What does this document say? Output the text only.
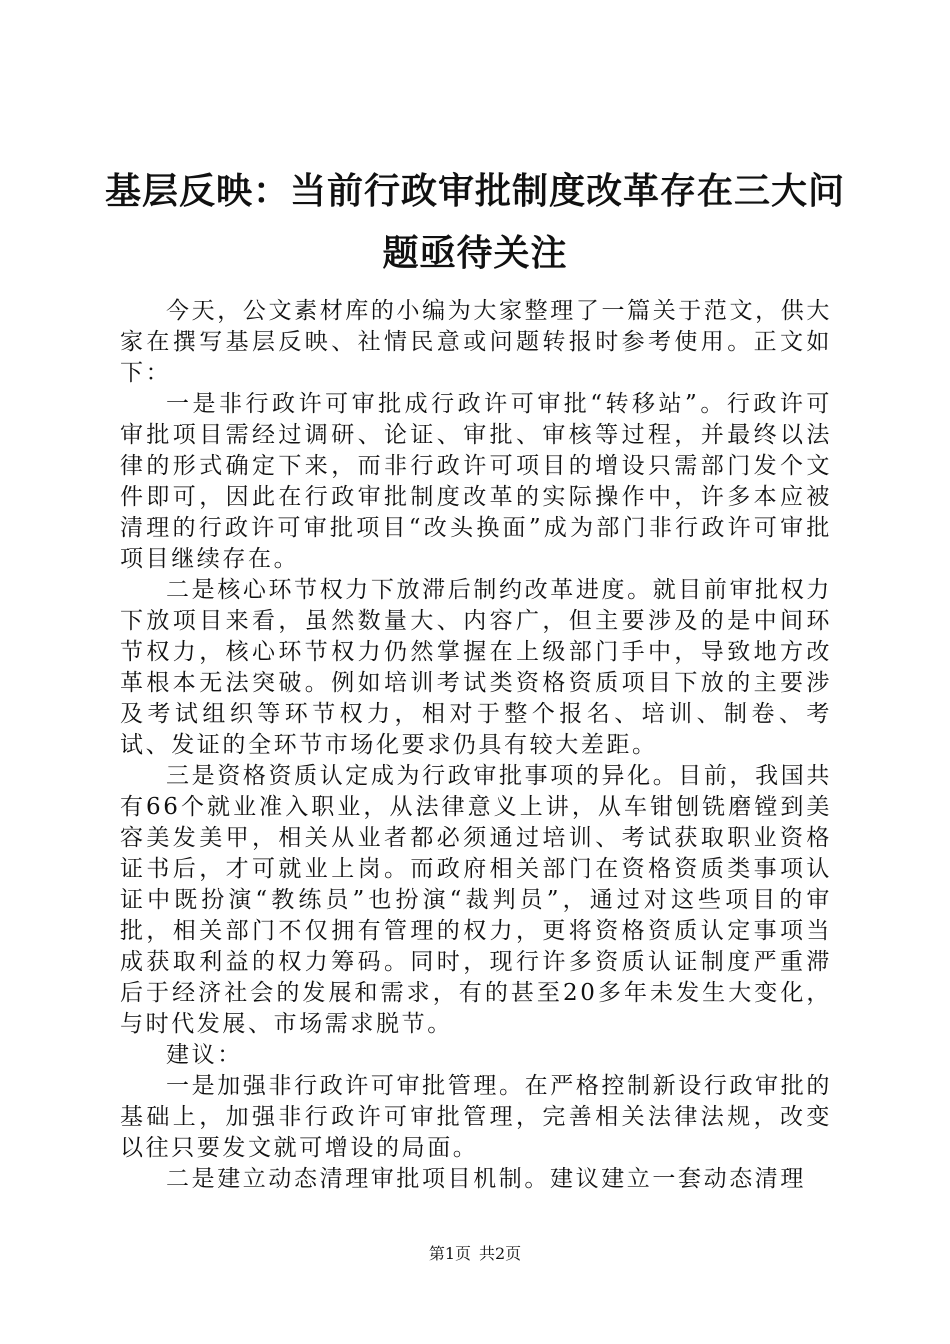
基层反映：当前行政审批制度改革存在三大问题亟待关注

今天，公文素材库的小编为大家整理了一篇关于范文，供大家在撰写基层反映、社情民意或问题转报时参考使用。正文如下：

一是非行政许可审批成行政许可审批“转移站”。行政许可审批项目需经过调研、论证、审批、审核等过程，并最终以法律的形式确定下来，而非行政许可项目的增设只需部门发个文件即可，因此在行政审批制度改革的实际操作中，许多本应被清理的行政许可审批项目“改头换面”成为部门非行政许可审批项目继续存在。

二是核心环节权力下放滞后制约改革进度。就目前审批权力下放项目来看，虽然数量大、内容广，但主要涉及的是中间环节权力，核心环节权力仍然掌握在上级部门手中，导致地方改革根本无法突破。例如培训考试类资格资质项目下放的主要涉及考试组织等环节权力，相对于整个报名、培训、制卷、考试、发证的全环节市场化要求仍具有较大差距。

三是资格资质认定成为行政审批事项的异化。目前，我国共有66个就业准入职业，从法律意义上讲，从车钳刨铣磨镗到美容美发美甲，相关从业者都必须通过培训、考试获取职业资格证书后，才可就业上岗。而政府相关部门在资格资质类事项认证中既扮演“教练员”也扮演“裁判员”，通过对这些项目的审批，相关部门不仅拥有管理的权力，更将资格资质认定事项当成获取利益的权力筹码。同时，现行许多资质认证制度严重滞后于经济社会的发展和需求，有的甚至20多年未发生大变化，与时代发展、市场需求脱节。

建议：

一是加强非行政许可审批管理。在严格控制新设行政审批的基础上，加强非行政许可审批管理，完善相关法律法规，改变以往只要发文就可增设的局面。

二是建立动态清理审批项目机制。建议建立一套动态清理

第1页 共2页
